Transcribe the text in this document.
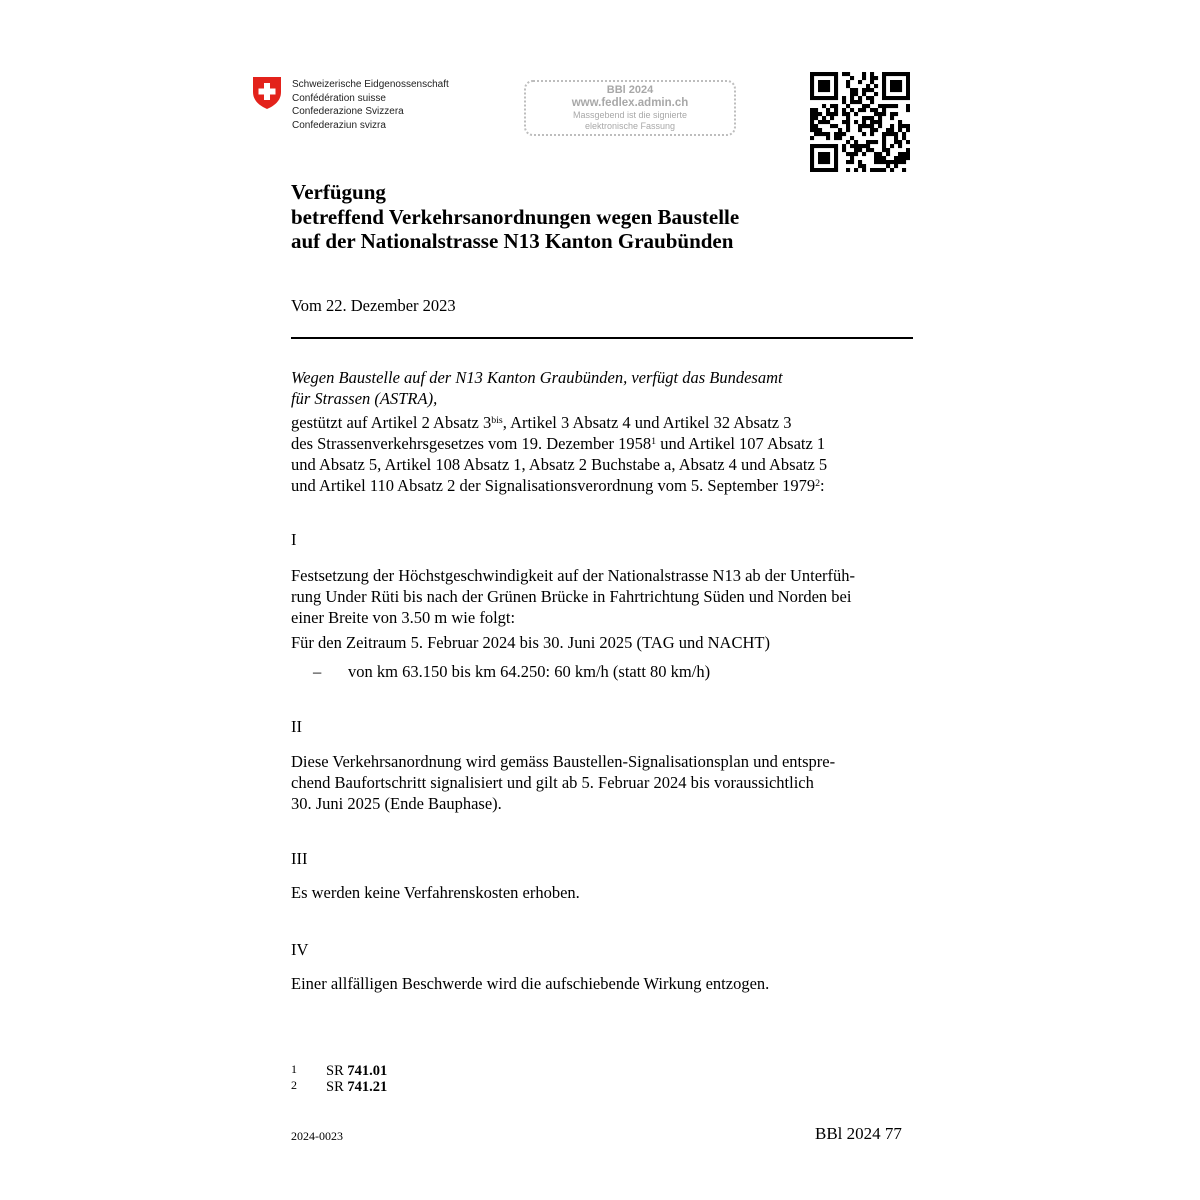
Schweizerische Eidgenossenschaft
Confédération suisse
Confederazione Svizzera
Confederaziun svizra
BBl 2024
www.fedlex.admin.ch
Massgebend ist die signierte
elektronische Fassung
Verfügung
betreffend Verkehrsanordnungen wegen Baustelle
auf der Nationalstrasse N13 Kanton Graubünden
Vom 22. Dezember 2023
Wegen Baustelle auf der N13 Kanton Graubünden, verfügt das Bundesamt
für Strassen (ASTRA),
gestützt auf Artikel 2 Absatz $3^{bis}$, Artikel 3 Absatz 4 und Artikel 32 Absatz 3
des Strassenverkehrsgesetzes vom 19. Dezember 1958$^1$ und Artikel 107 Absatz 1
und Absatz 5, Artikel 108 Absatz 1, Absatz 2 Buchstabe a, Absatz 4 und Absatz 5
und Artikel 110 Absatz 2 der Signalisationsverordnung vom 5. September 1979$^2$:
I
Festsetzung der Höchstgeschwindigkeit auf der Nationalstrasse N13 ab der Unterfüh-
rung Under Rüti bis nach der Grünen Brücke in Fahrtrichtung Süden und Norden bei
einer Breite von 3.50 m wie folgt:
Für den Zeitraum 5. Februar 2024 bis 30. Juni 2025 (TAG und NACHT)
– von km 63.150 bis km 64.250: 60 km/h (statt 80 km/h)
II
Diese Verkehrsanordnung wird gemäss Baustellen-Signalisationsplan und entspre-
chend Baufortschritt signalisiert und gilt ab 5. Februar 2024 bis voraussichtlich
30. Juni 2025 (Ende Bauphase).
III
Es werden keine Verfahrenskosten erhoben.
IV
Einer allfälligen Beschwerde wird die aufschiebende Wirkung entzogen.
1 SR 741.01
2 SR 741.21
2024-0023	BBl 2024 77
